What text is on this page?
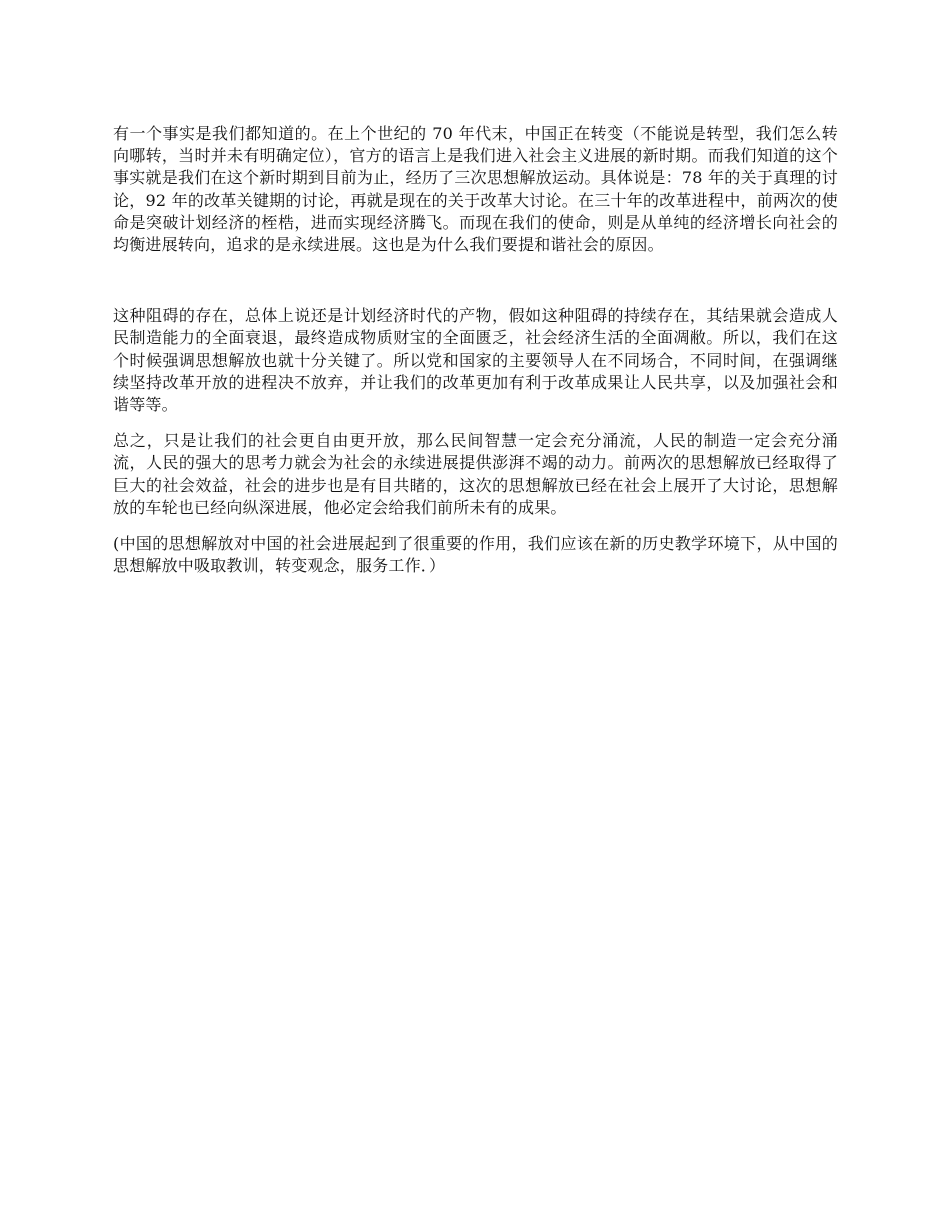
有一个事实是我们都知道的。在上个世纪的 70 年代末，中国正在转变（不能说是转型，我们怎么转向哪转，当时并未有明确定位），官方的语言上是我们进入社会主义进展的新时期。而我们知道的这个事实就是我们在这个新时期到目前为止，经历了三次思想解放运动。具体说是：78 年的关于真理的讨论，92 年的改革关键期的讨论，再就是现在的关于改革大讨论。在三十年的改革进程中，前两次的使命是突破计划经济的桎梏，进而实现经济腾飞。而现在我们的使命，则是从单纯的经济增长向社会的均衡进展转向，追求的是永续进展。这也是为什么我们要提和谐社会的原因。

这种阻碍的存在，总体上说还是计划经济时代的产物，假如这种阻碍的持续存在，其结果就会造成人民制造能力的全面衰退，最终造成物质财宝的全面匮乏，社会经济生活的全面凋敝。所以，我们在这个时候强调思想解放也就十分关键了。所以党和国家的主要领导人在不同场合，不同时间，在强调继续坚持改革开放的进程决不放弃，并让我们的改革更加有利于改革成果让人民共享，以及加强社会和谐等等。

总之，只是让我们的社会更自由更开放，那么民间智慧一定会充分涌流，人民的制造一定会充分涌流，人民的强大的思考力就会为社会的永续进展提供澎湃不竭的动力。前两次的思想解放已经取得了巨大的社会效益，社会的进步也是有目共睹的，这次的思想解放已经在社会上展开了大讨论，思想解放的车轮也已经向纵深进展，他必定会给我们前所未有的成果。

(中国的思想解放对中国的社会进展起到了很重要的作用，我们应该在新的历史教学环境下，从中国的思想解放中吸取教训，转变观念，服务工作．）
